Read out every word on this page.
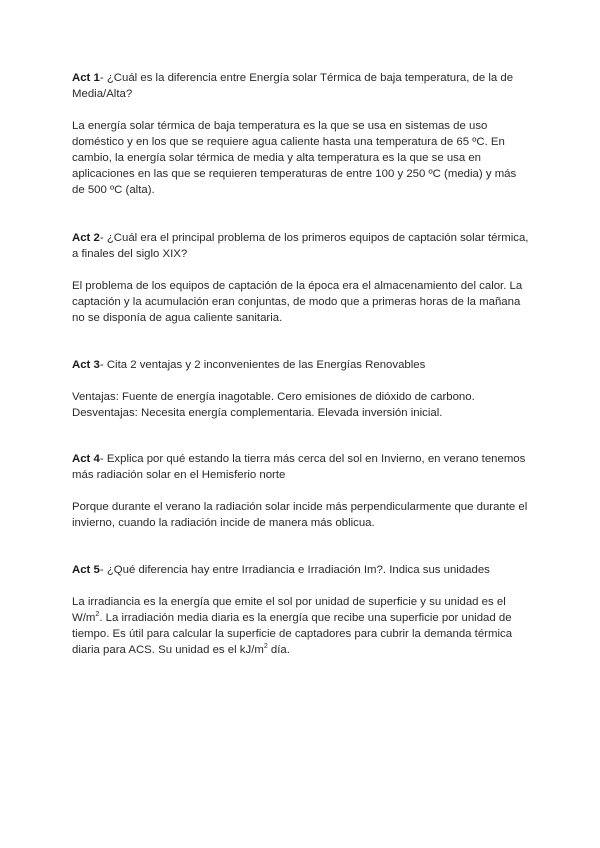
Act 1- ¿Cuál es la diferencia entre Energía solar Térmica de baja temperatura, de la de Media/Alta?

La energía solar térmica de baja temperatura es la que se usa en sistemas de uso doméstico y en los que se requiere agua caliente hasta una temperatura de 65 ºC. En cambio, la energía solar térmica de media y alta temperatura es la que se usa en aplicaciones en las que se requieren temperaturas de entre 100 y 250 ºC (media) y más de 500 ºC (alta).

Act 2- ¿Cuál era el principal problema de los primeros equipos de captación solar térmica, a finales del siglo XIX?

El problema de los equipos de captación de la época era el almacenamiento del calor. La captación y la acumulación eran conjuntas, de modo que a primeras horas de la mañana no se disponía de agua caliente sanitaria.

Act 3- Cita 2 ventajas y 2 inconvenientes de las Energías Renovables

Ventajas: Fuente de energía inagotable. Cero emisiones de dióxido de carbono.
Desventajas: Necesita energía complementaria. Elevada inversión inicial.

Act 4- Explica por qué estando la tierra más cerca del sol en Invierno, en verano tenemos más radiación solar en el Hemisferio norte

Porque durante el verano la radiación solar incide más perpendicularmente que durante el invierno, cuando la radiación incide de manera más oblicua.

Act 5- ¿Qué diferencia hay entre Irradiancia e Irradiación Im?. Indica sus unidades

La irradiancia es la energía que emite el sol por unidad de superficie y su unidad es el $W/m^2$. La irradiación media diaria es la energía que recibe una superficie por unidad de tiempo. Es útil para calcular la superficie de captadores para cubrir la demanda térmica diaria para ACS. Su unidad es el $kJ/m^2$ día.
